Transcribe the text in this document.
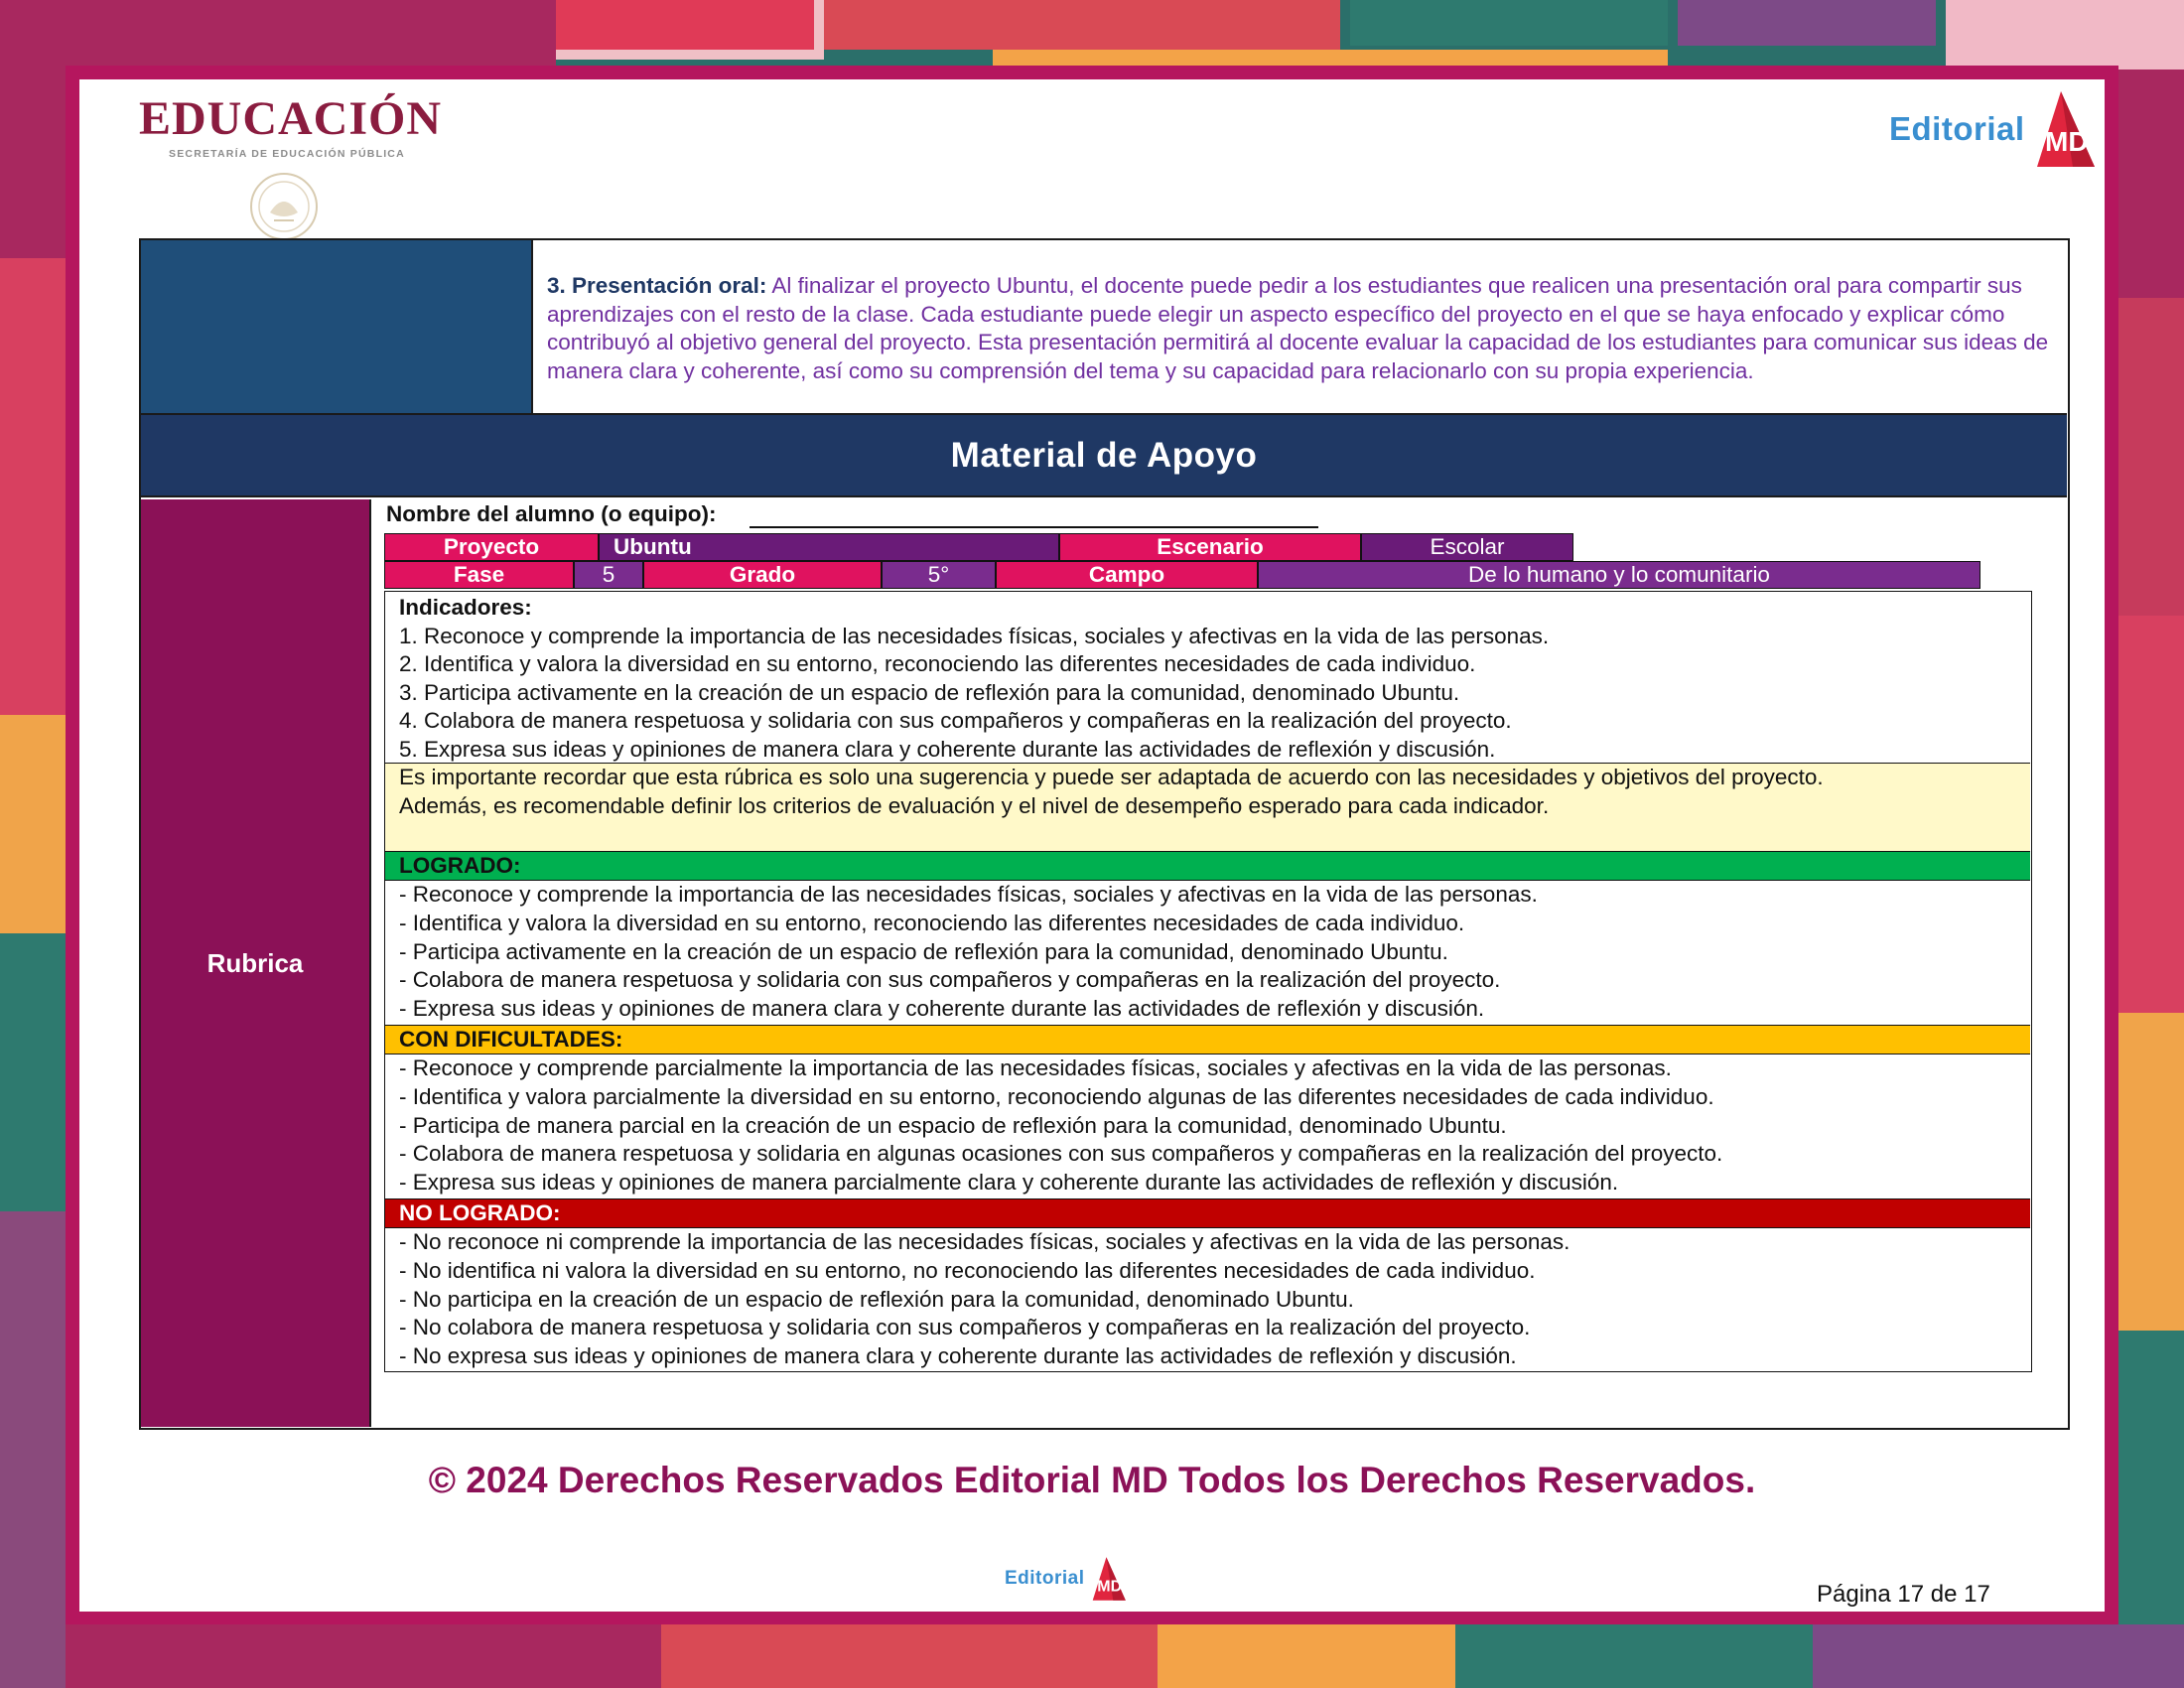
EDUCACIÓN
SECRETARÍA DE EDUCACIÓN PÚBLICA
Editorial MD
3. Presentación oral: Al finalizar el proyecto Ubuntu, el docente puede pedir a los estudiantes que realicen una presentación oral para compartir sus aprendizajes con el resto de la clase. Cada estudiante puede elegir un aspecto específico del proyecto en el que se haya enfocado y explicar cómo contribuyó al objetivo general del proyecto. Esta presentación permitirá al docente evaluar la capacidad de los estudiantes para comunicar sus ideas de manera clara y coherente, así como su comprensión del tema y su capacidad para relacionarlo con su propia experiencia.
Material de Apoyo
Rubrica
Nombre del alumno (o equipo):
Proyecto	Ubuntu	Escenario	Escolar
Fase	5	Grado	5°	Campo	De lo humano y lo comunitario
Indicadores:
1. Reconoce y comprende la importancia de las necesidades físicas, sociales y afectivas en la vida de las personas.
2. Identifica y valora la diversidad en su entorno, reconociendo las diferentes necesidades de cada individuo.
3. Participa activamente en la creación de un espacio de reflexión para la comunidad, denominado Ubuntu.
4. Colabora de manera respetuosa y solidaria con sus compañeros y compañeras en la realización del proyecto.
5. Expresa sus ideas y opiniones de manera clara y coherente durante las actividades de reflexión y discusión.
Es importante recordar que esta rúbrica es solo una sugerencia y puede ser adaptada de acuerdo con las necesidades y objetivos del proyecto.
Además, es recomendable definir los criterios de evaluación y el nivel de desempeño esperado para cada indicador.
LOGRADO:
- Reconoce y comprende la importancia de las necesidades físicas, sociales y afectivas en la vida de las personas.
- Identifica y valora la diversidad en su entorno, reconociendo las diferentes necesidades de cada individuo.
- Participa activamente en la creación de un espacio de reflexión para la comunidad, denominado Ubuntu.
- Colabora de manera respetuosa y solidaria con sus compañeros y compañeras en la realización del proyecto.
- Expresa sus ideas y opiniones de manera clara y coherente durante las actividades de reflexión y discusión.
CON DIFICULTADES:
- Reconoce y comprende parcialmente la importancia de las necesidades físicas, sociales y afectivas en la vida de las personas.
- Identifica y valora parcialmente la diversidad en su entorno, reconociendo algunas de las diferentes necesidades de cada individuo.
- Participa de manera parcial en la creación de un espacio de reflexión para la comunidad, denominado Ubuntu.
- Colabora de manera respetuosa y solidaria en algunas ocasiones con sus compañeros y compañeras en la realización del proyecto.
- Expresa sus ideas y opiniones de manera parcialmente clara y coherente durante las actividades de reflexión y discusión.
NO LOGRADO:
- No reconoce ni comprende la importancia de las necesidades físicas, sociales y afectivas en la vida de las personas.
- No identifica ni valora la diversidad en su entorno, no reconociendo las diferentes necesidades de cada individuo.
- No participa en la creación de un espacio de reflexión para la comunidad, denominado Ubuntu.
- No colabora de manera respetuosa y solidaria con sus compañeros y compañeras en la realización del proyecto.
- No expresa sus ideas y opiniones de manera clara y coherente durante las actividades de reflexión y discusión.
© 2024 Derechos Reservados Editorial MD Todos los Derechos Reservados.
Editorial MD	Página 17 de 17
